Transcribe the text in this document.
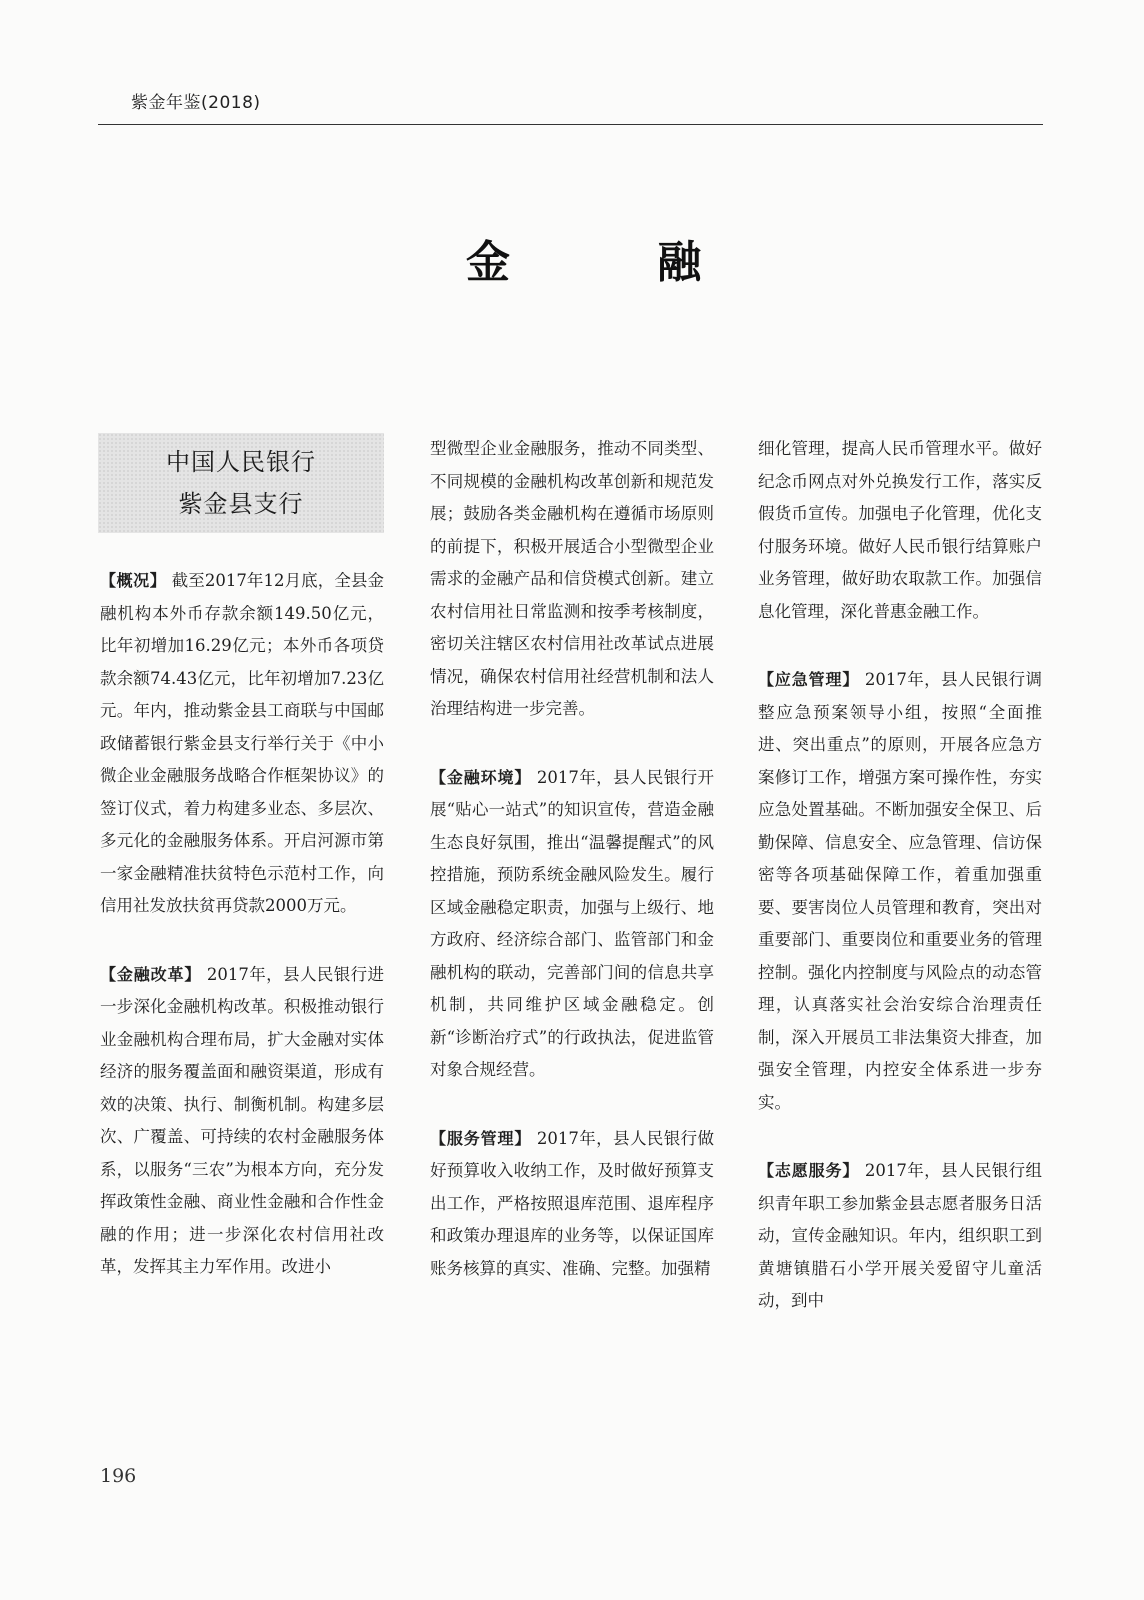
紫金年鉴(2018)
金 融
中国人民银行
紫金县支行

【概况】 截至2017年12月底，全县金融机构本外币存款余额149.50亿元，比年初增加16.29亿元；本外币各项贷款余额74.43亿元，比年初增加7.23亿元。年内，推动紫金县工商联与中国邮政储蓄银行紫金县支行举行关于《中小微企业金融服务战略合作框架协议》的签订仪式，着力构建多业态、多层次、多元化的金融服务体系。开启河源市第一家金融精准扶贫特色示范村工作，向信用社发放扶贫再贷款2000万元。

【金融改革】 2017年，县人民银行进一步深化金融机构改革。积极推动银行业金融机构合理布局，扩大金融对实体经济的服务覆盖面和融资渠道，形成有效的决策、执行、制衡机制。构建多层次、广覆盖、可持续的农村金融服务体系，以服务“三农”为根本方向，充分发挥政策性金融、商业性金融和合作性金融的作用；进一步深化农村信用社改革，发挥其主力军作用。改进小

型微型企业金融服务，推动不同类型、不同规模的金融机构改革创新和规范发展；鼓励各类金融机构在遵循市场原则的前提下，积极开展适合小型微型企业需求的金融产品和信贷模式创新。建立农村信用社日常监测和按季考核制度，密切关注辖区农村信用社改革试点进展情况，确保农村信用社经营机制和法人治理结构进一步完善。

【金融环境】 2017年，县人民银行开展“贴心一站式”的知识宣传，营造金融生态良好氛围，推出“温馨提醒式”的风控措施，预防系统金融风险发生。履行区域金融稳定职责，加强与上级行、地方政府、经济综合部门、监管部门和金融机构的联动，完善部门间的信息共享机制，共同维护区域金融稳定。创新“诊断治疗式”的行政执法，促进监管对象合规经营。

【服务管理】 2017年，县人民银行做好预算收入收纳工作，及时做好预算支出工作，严格按照退库范围、退库程序和政策办理退库的业务等，以保证国库账务核算的真实、准确、完整。加强精

细化管理，提高人民币管理水平。做好纪念币网点对外兑换发行工作，落实反假货币宣传。加强电子化管理，优化支付服务环境。做好人民币银行结算账户业务管理，做好助农取款工作。加强信息化管理，深化普惠金融工作。

【应急管理】 2017年，县人民银行调整应急预案领导小组，按照“全面推进、突出重点”的原则，开展各应急方案修订工作，增强方案可操作性，夯实应急处置基础。不断加强安全保卫、后勤保障、信息安全、应急管理、信访保密等各项基础保障工作，着重加强重要、要害岗位人员管理和教育，突出对重要部门、重要岗位和重要业务的管理控制。强化内控制度与风险点的动态管理，认真落实社会治安综合治理责任制，深入开展员工非法集资大排查，加强安全管理，内控安全体系进一步夯实。

【志愿服务】 2017年，县人民银行组织青年职工参加紫金县志愿者服务日活动，宣传金融知识。年内，组织职工到黄塘镇腊石小学开展关爱留守儿童活动，到中

196
